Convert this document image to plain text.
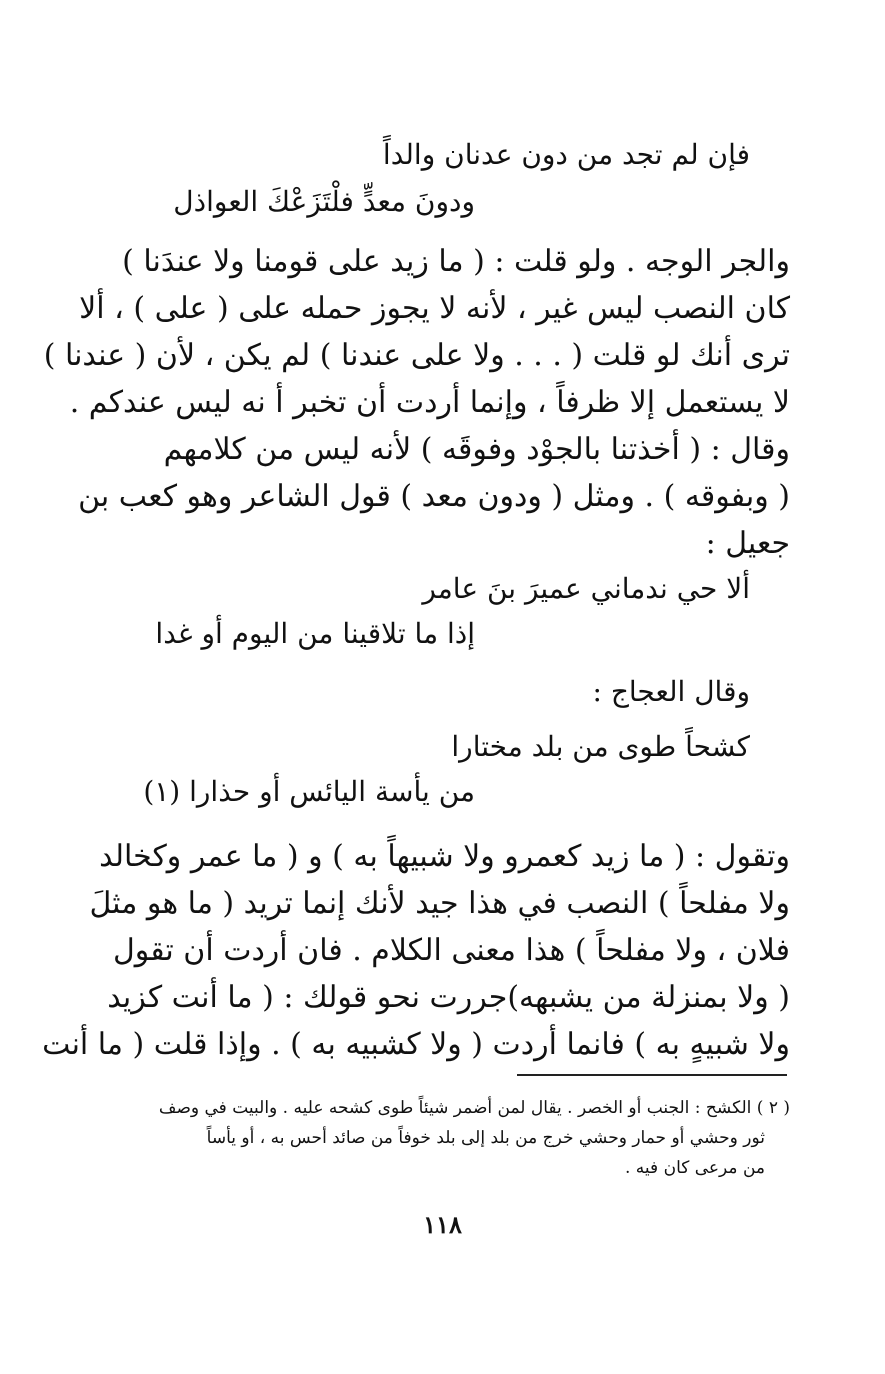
فإن لم تجد من دون عدنان والداً
ودونَ معدٍّ فلْتَزَعْكَ العواذل

والجر الوجه . ولو قلت : ( ما زيد على قومنا ولا عندَنا )

كان النصب ليس غير ، لأنه لا يجوز حمله على ( على ) ، ألا

ترى أنك لو قلت ( . . . ولا على عندنا ) لم يكن ، لأن ( عندنا )

لا يستعمل إلا ظرفاً ، وإنما أردت أن تخبر أ نه ليس عندكم .

وقال : ( أخذتنا بالجوْد وفوقَه ) لأنه ليس من كلامهم

( وبفوقه ) . ومثل ( ودون معد ) قول الشاعر وهو كعب بن

جعيل :

ألا حي ندماني عميرَ بنَ عامر
إذا ما تلاقينا من اليوم أو غدا
وقال العجاج :
كشحاً طوى من بلد مختارا
من يأسة اليائس أو حذارا (١)

وتقول : ( ما زيد كعمرو ولا شبيهاً به ) و ( ما عمر وكخالد

ولا مفلحاً ) النصب في هذا جيد لأنك إنما تريد ( ما هو مثلَ

فلان ، ولا مفلحاً ) هذا معنى الكلام . فان أردت أن تقول

( ولا بمنزلة من يشبهه)جررت نحو قولك : ( ما أنت كزيد

ولا شبيهٍ به ) فانما أردت ( ولا كشبيه به ) . وإذا قلت ( ما أنت

( ٢ ) الكشح : الجنب أو الخصر . يقال لمن أضمر شيئاً طوى كشحه عليه . والبيت في وصف
ثور وحشي أو حمار وحشي خرج من بلد إلى بلد خوفاً من صائد أحس به ، أو يأساً
من مرعى كان فيه .
١١٨
